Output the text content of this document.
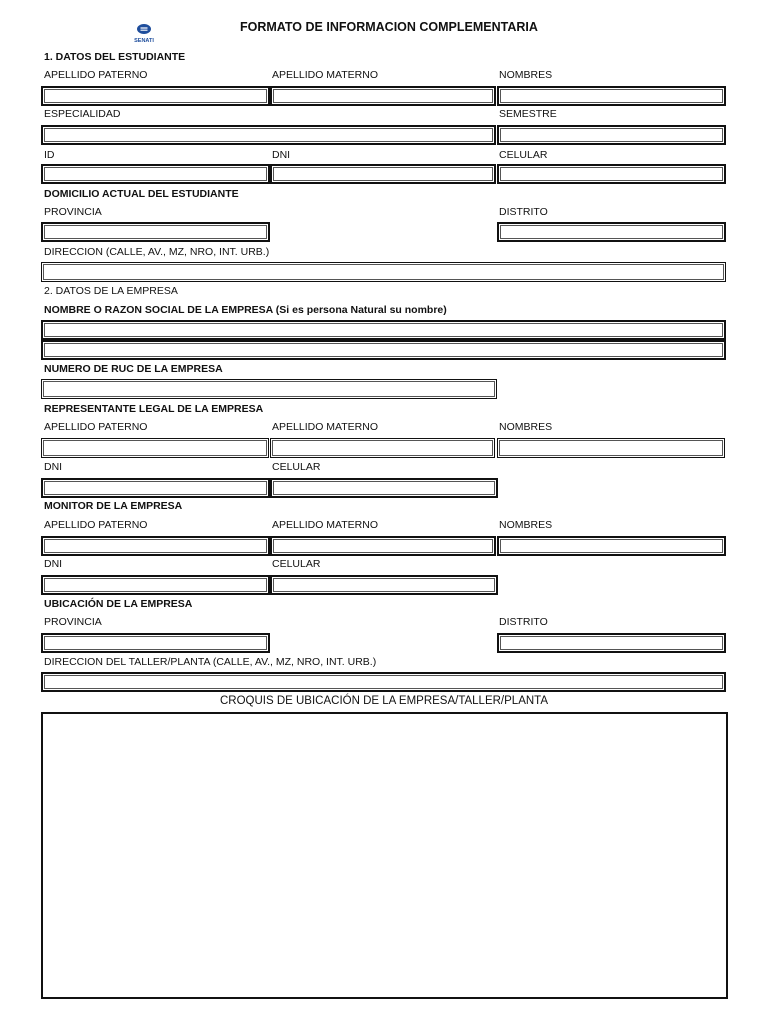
SENATI
FORMATO DE INFORMACION COMPLEMENTARIA
1. DATOS DEL ESTUDIANTE
APELLIDO PATERNO	APELLIDO MATERNO	NOMBRES
ESPECIALIDAD	SEMESTRE
ID	DNI	CELULAR
DOMICILIO ACTUAL DEL ESTUDIANTE
PROVINCIA	DISTRITO
DIRECCION (CALLE, AV., MZ, NRO, INT. URB.)
2. DATOS DE LA EMPRESA
NOMBRE O RAZON SOCIAL DE LA EMPRESA (Si es persona Natural su nombre)
NUMERO DE RUC DE LA EMPRESA
REPRESENTANTE LEGAL DE LA EMPRESA
APELLIDO PATERNO	APELLIDO MATERNO	NOMBRES
DNI	CELULAR
MONITOR DE LA EMPRESA
APELLIDO PATERNO	APELLIDO MATERNO	NOMBRES
DNI	CELULAR
UBICACIÓN DE LA EMPRESA
PROVINCIA	DISTRITO
DIRECCION DEL TALLER/PLANTA (CALLE, AV., MZ, NRO, INT. URB.)
CROQUIS DE UBICACIÓN DE LA EMPRESA/TALLER/PLANTA
